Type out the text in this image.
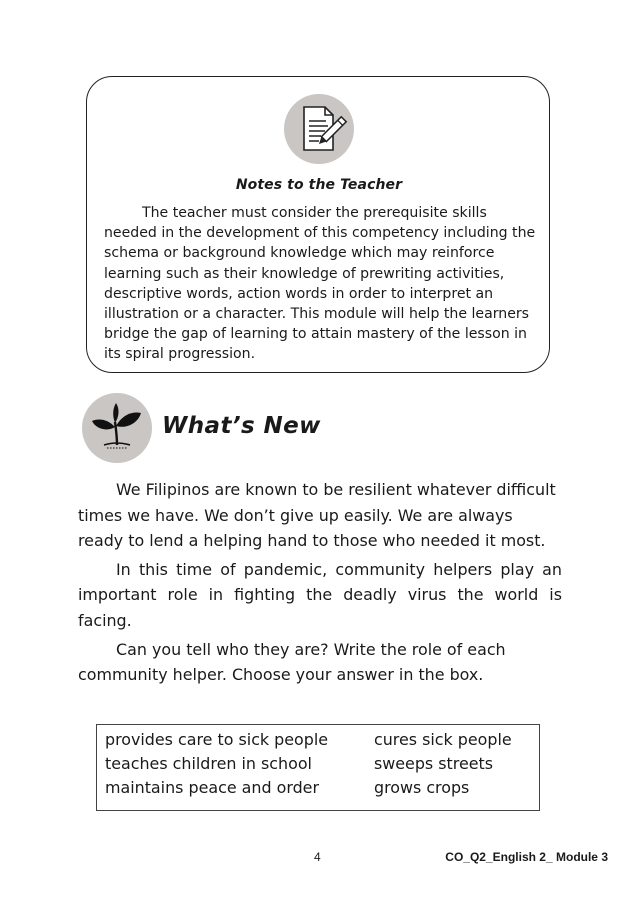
Notes to the Teacher

The teacher must consider the prerequisite skills needed in the development of this competency including the schema or background knowledge which may reinforce learning such as their knowledge of prewriting activities, descriptive words, action words in order to interpret an illustration or a character. This module will help the learners bridge the gap of learning to attain mastery of the lesson in its spiral progression.

What’s New

We Filipinos are known to be resilient whatever difficult times we have. We don’t give up easily. We are always ready to lend a helping hand to those who needed it most.

In this time of pandemic, community helpers play an important role in fighting the deadly virus the world is facing.

Can you tell who they are? Write the role of each community helper. Choose your answer in the box.

provides care to sick people
teaches children in school
maintains peace and order
cures sick people
sweeps streets
grows crops
4	CO_Q2_English 2_ Module 3
